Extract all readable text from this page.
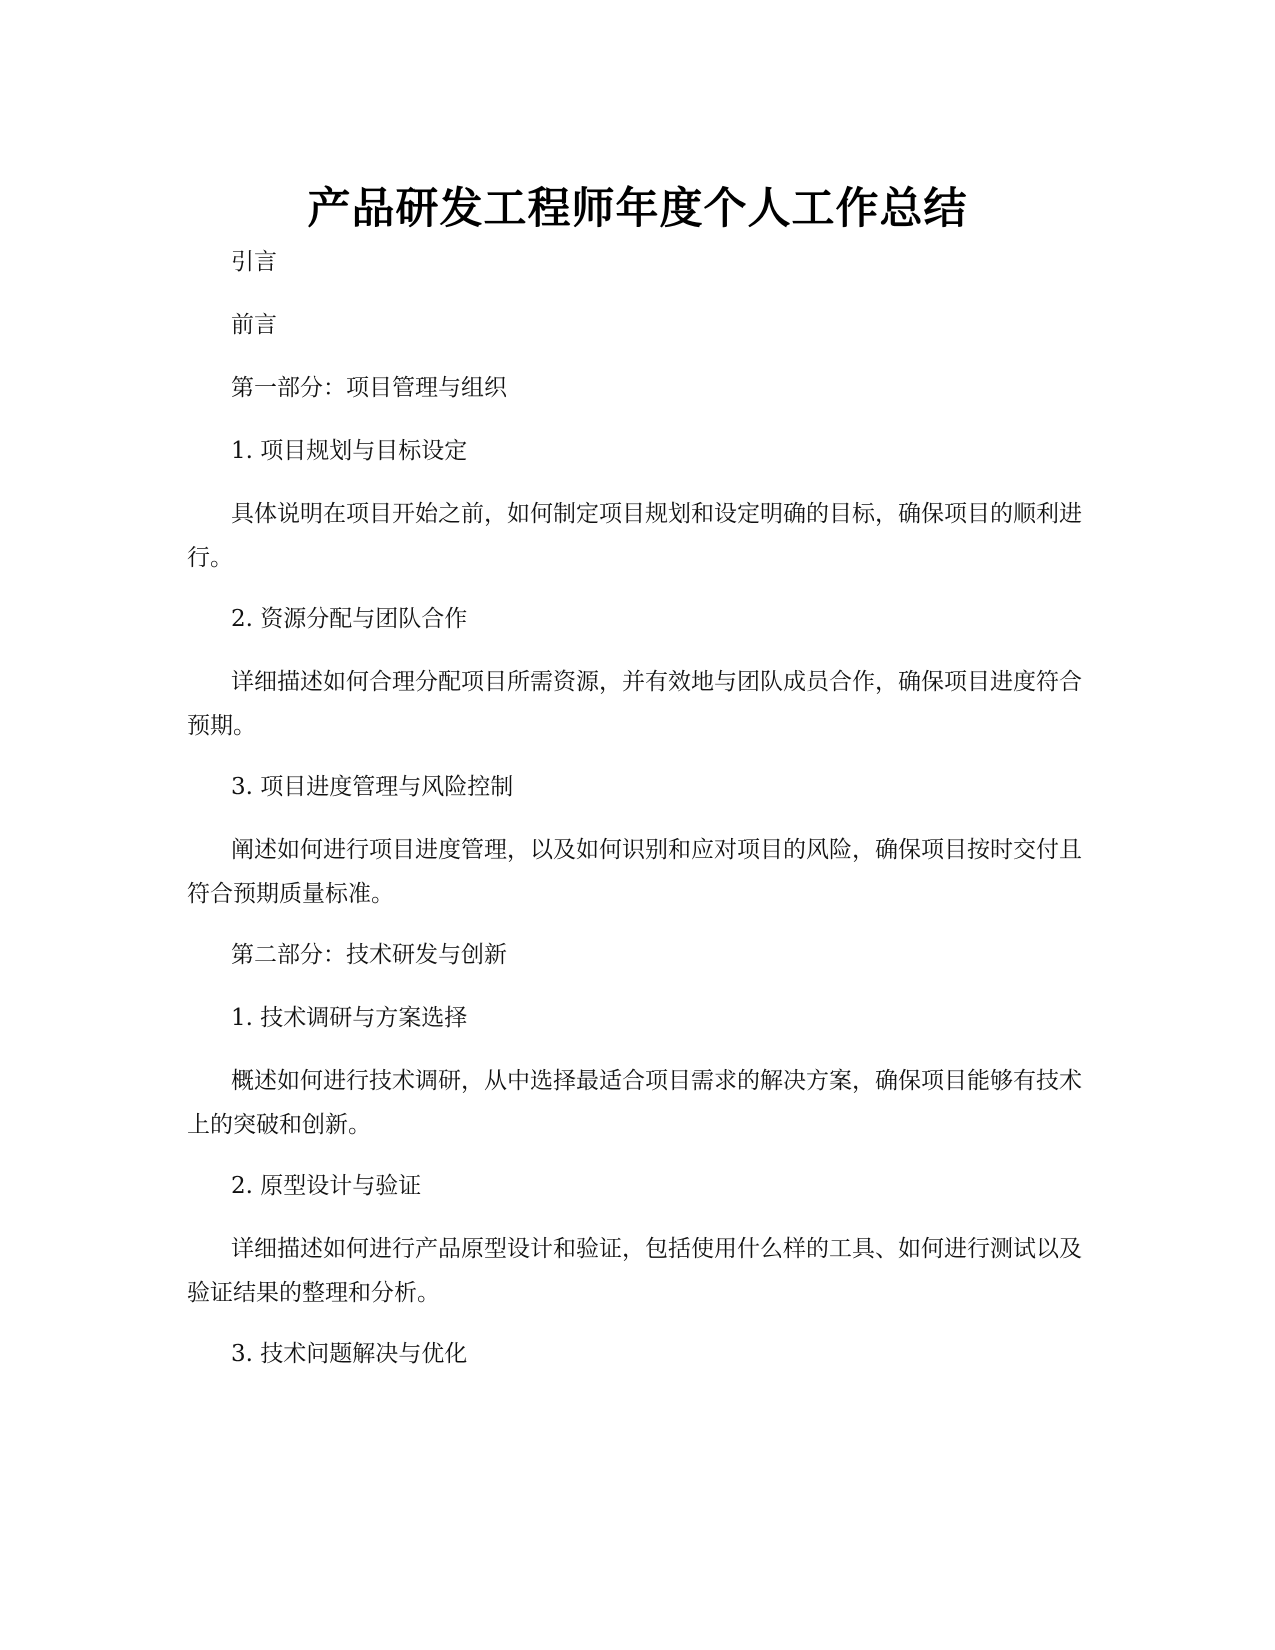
产品研发工程师年度个人工作总结

引言

前言

第一部分：项目管理与组织

1. 项目规划与目标设定

具体说明在项目开始之前，如何制定项目规划和设定明确的目标，确保项目的顺利进行。

2. 资源分配与团队合作

详细描述如何合理分配项目所需资源，并有效地与团队成员合作，确保项目进度符合预期。

3. 项目进度管理与风险控制

阐述如何进行项目进度管理，以及如何识别和应对项目的风险，确保项目按时交付且符合预期质量标准。

第二部分：技术研发与创新

1. 技术调研与方案选择

概述如何进行技术调研，从中选择最适合项目需求的解决方案，确保项目能够有技术上的突破和创新。

2. 原型设计与验证

详细描述如何进行产品原型设计和验证，包括使用什么样的工具、如何进行测试以及验证结果的整理和分析。

3. 技术问题解决与优化
